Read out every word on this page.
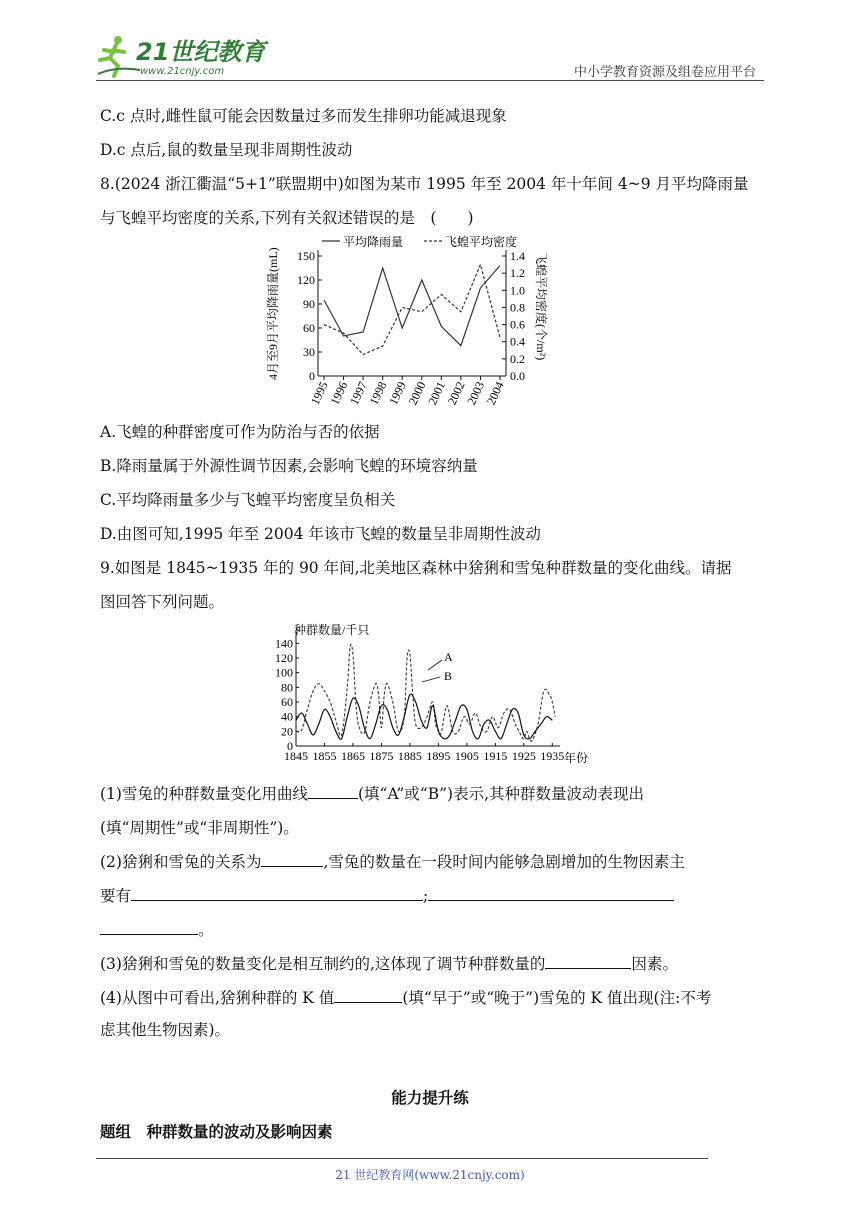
21世纪教育
www.21cnjy.com	中小学教育资源及组卷应用平台
C.c 点时,雌性鼠可能会因数量过多而发生排卵功能减退现象
D.c 点后,鼠的数量呈现非周期性波动
8.(2024 浙江衢温“5+1”联盟期中)如图为某市 1995 年至 2004 年十年间 4~9 月平均降雨量
与飞蝗平均密度的关系,下列有关叙述错误的是　(　　)
平均降雨量	飞蝗平均密度
4月至9月平均降雨量(mL)	飞蝗平均密度(个/m²)
0
30
60
90
120
150
0.0
0.2
0.4
0.6
0.8
1.0
1.2
1.4
1995
1996
1997
1998
1999
2000
2001
2002
2003
2004
A.飞蝗的种群密度可作为防治与否的依据
B.降雨量属于外源性调节因素,会影响飞蝗的环境容纳量
C.平均降雨量多少与飞蝗平均密度呈负相关
D.由图可知,1995 年至 2004 年该市飞蝗的数量呈非周期性波动
9.如图是 1845~1935 年的 90 年间,北美地区森林中猞猁和雪兔种群数量的变化曲线。请据
图回答下列问题。
种群数量/千只
年份
0
20
40
60
80
100
120
140
1845 1855 1865 1875 1885 1895 1905 1915 1925 1935
A
B
(1)雪兔的种群数量变化用曲线	(填“A”或“B”)表示,其种群数量波动表现出
(填“周期性”或“非周期性”)。
(2)猞猁和雪兔的关系为	,雪兔的数量在一段时间内能够急剧增加的生物因素主
要有	;
。
(3)猞猁和雪兔的数量变化是相互制约的,这体现了调节种群数量的	因素。
(4)从图中可看出,猞猁种群的 K 值	(填“早于”或“晚于”)雪兔的 K 值出现(注:不考
虑其他生物因素)。
能力提升练
题组　种群数量的波动及影响因素
21 世纪教育网(www.21cnjy.com)
